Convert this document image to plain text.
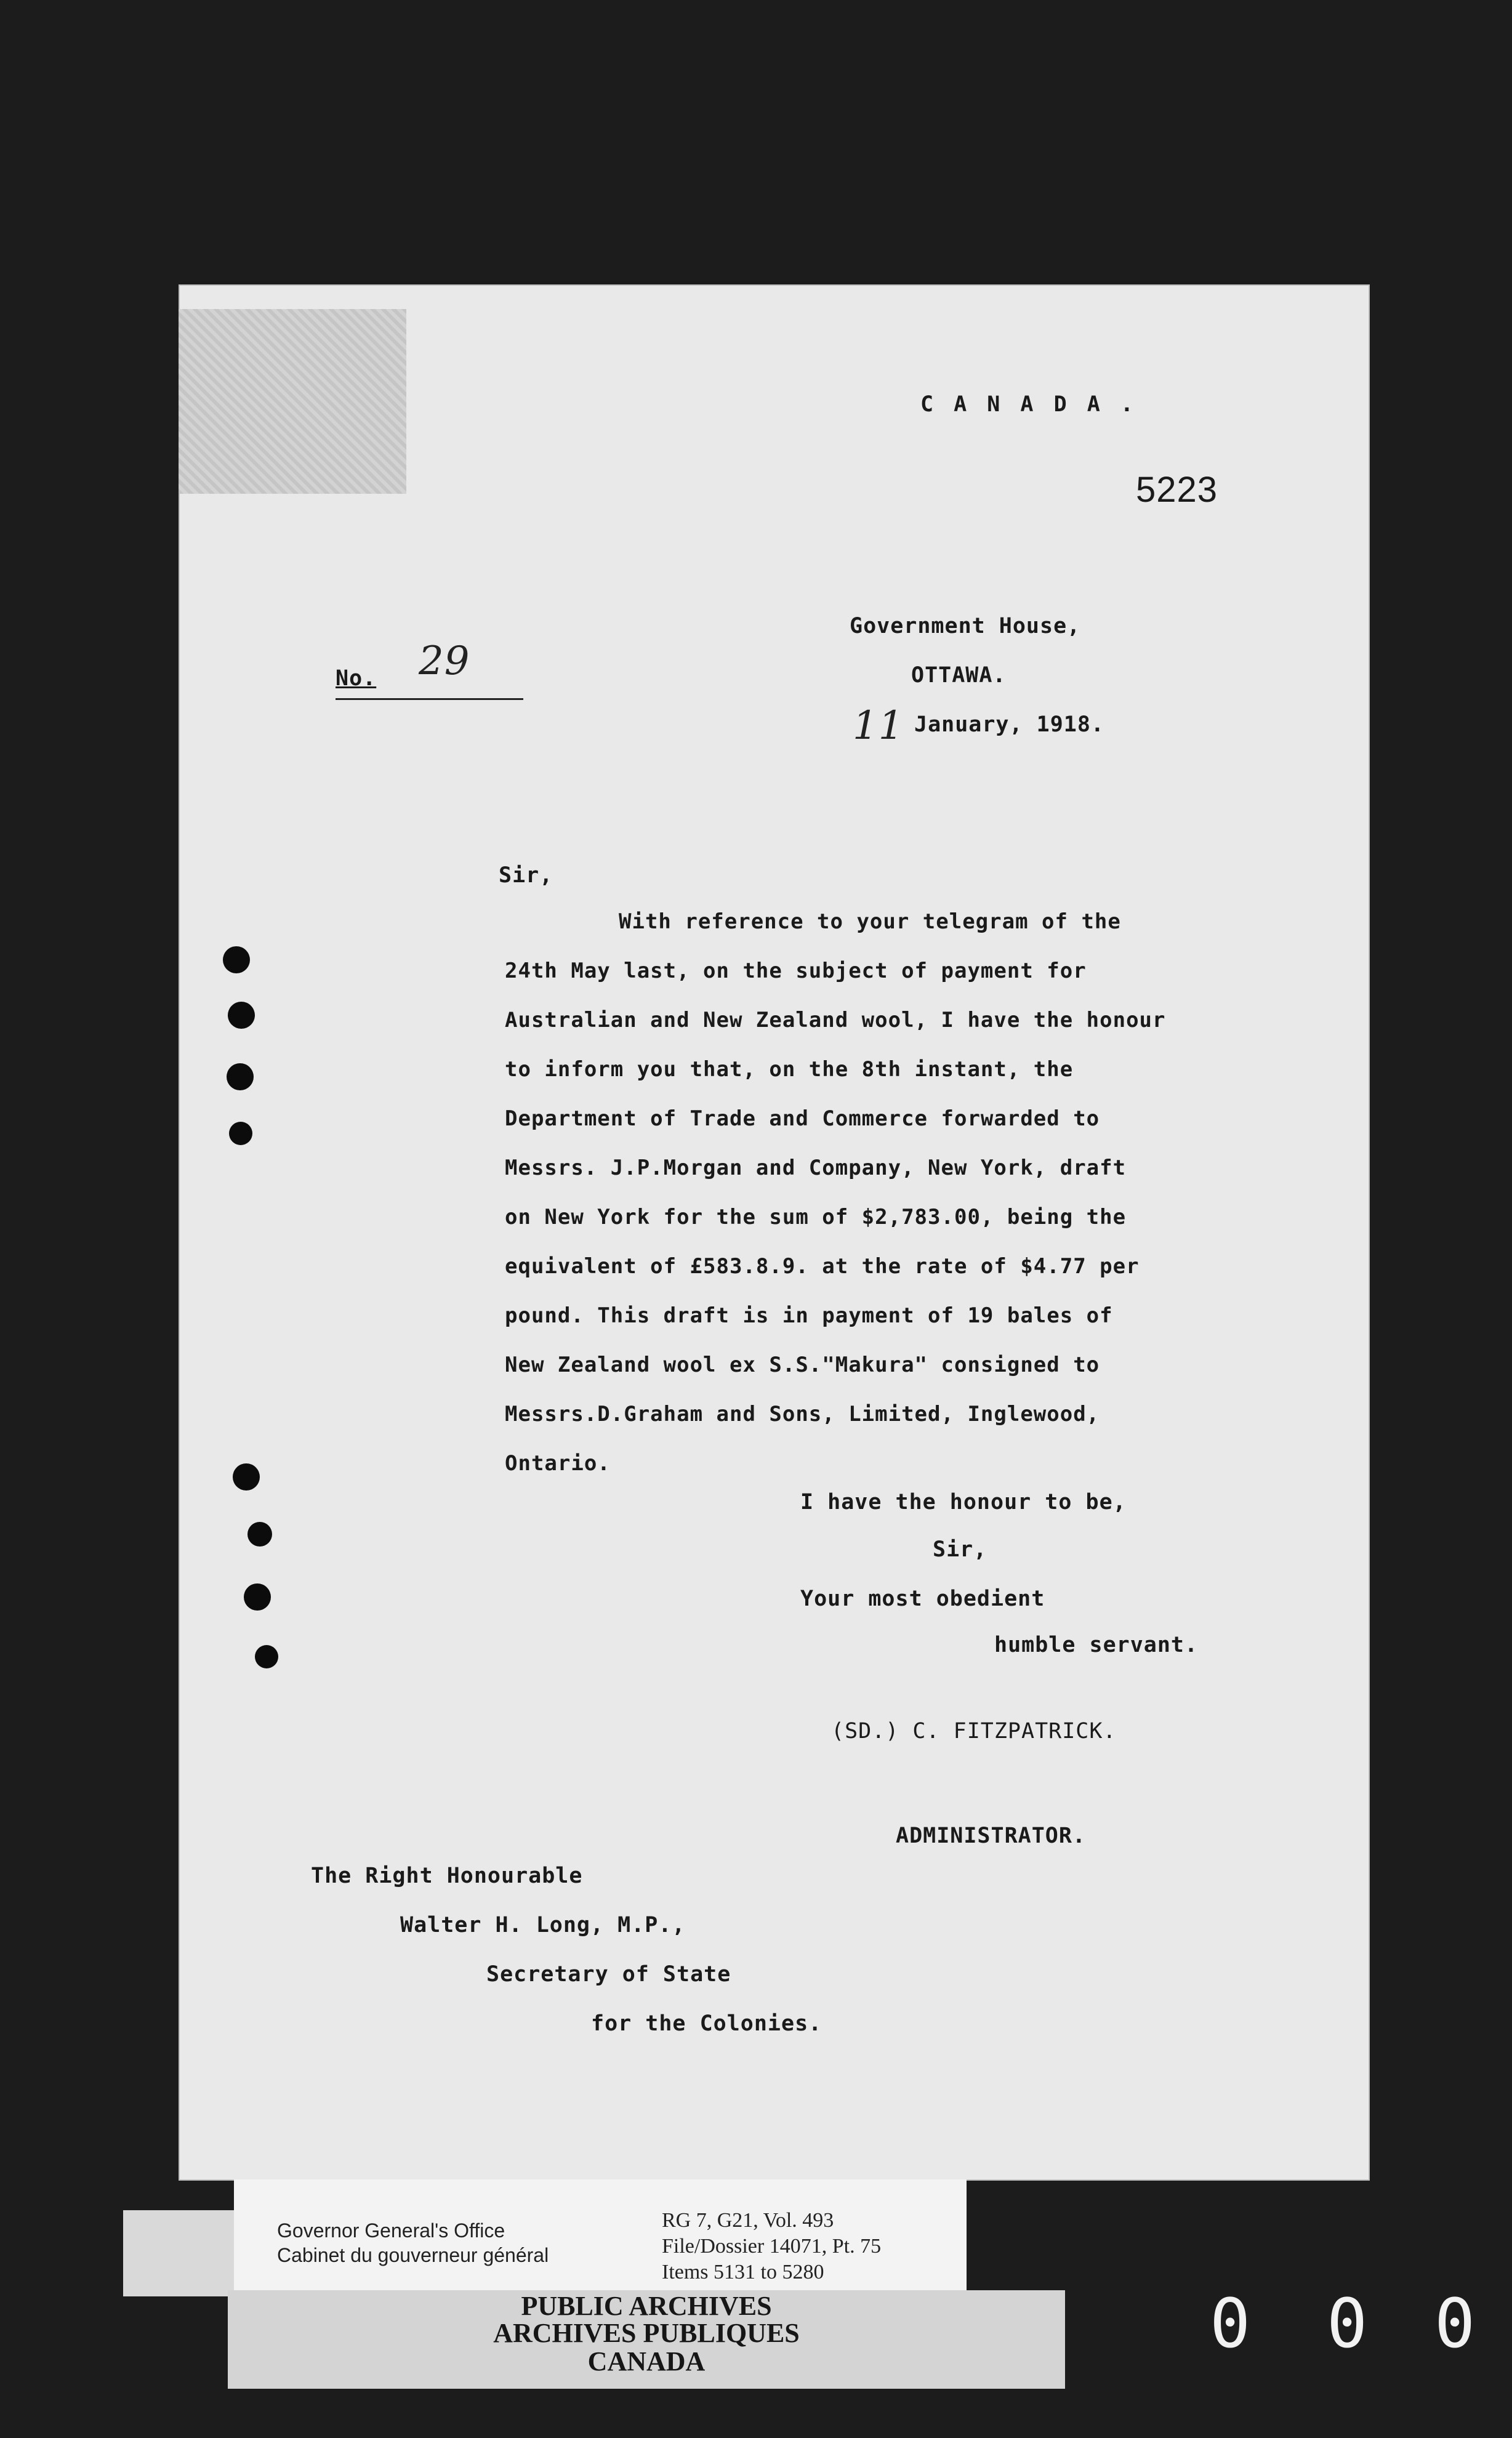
C A N A D A .
5223
Government House,
OTTAWA.
No. 29
11 January, 1918.
Sir,
With reference to your telegram of the
24th May last, on the subject of payment for
Australian and New Zealand wool, I have the honour
to inform you that, on the 8th instant, the
Department of Trade and Commerce forwarded to
Messrs. J.P.Morgan and Company, New York, draft
on New York for the sum of $2,783.00, being the
equivalent of £583.8.9. at the rate of $4.77 per
pound. This draft is in payment of 19 bales of
New Zealand wool ex S.S."Makura" consigned to
Messrs.D.Graham and Sons, Limited, Inglewood,
Ontario.
I have the honour to be,
Sir,
Your most obedient
humble servant.
(SD.) C. FITZPATRICK.
ADMINISTRATOR.
The Right Honourable
Walter H. Long, M.P.,
Secretary of State
for the Colonies.
Governor General's Office
Cabinet du gouverneur général
RG 7, G21, Vol. 493
File/Dossier 14071, Pt. 75
Items 5131 to 5280
PUBLIC ARCHIVES
ARCHIVES PUBLIQUES
CANADA	0 0 0
